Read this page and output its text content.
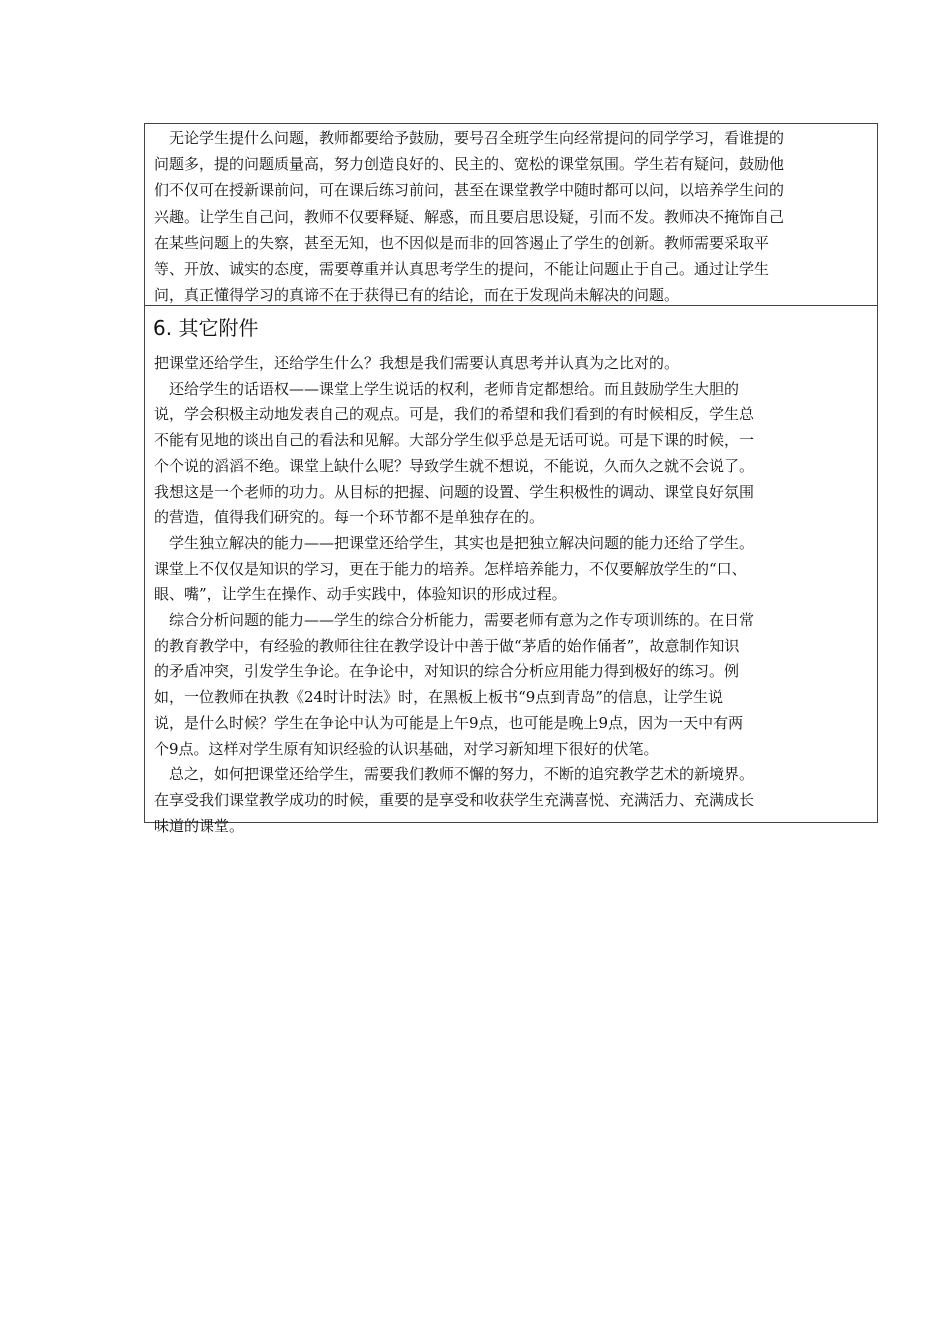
　无论学生提什么问题，教师都要给予鼓励，要号召全班学生向经常提问的同学学习，看谁提的
问题多，提的问题质量高，努力创造良好的、民主的、宽松的课堂氛围。学生若有疑问，鼓励他
们不仅可在授新课前问，可在课后练习前问，甚至在课堂教学中随时都可以问，以培养学生问的
兴趣。让学生自己问，教师不仅要释疑、解惑，而且要启思设疑，引而不发。教师决不掩饰自己
在某些问题上的失察，甚至无知，也不因似是而非的回答遏止了学生的创新。教师需要采取平
等、开放、诚实的态度，需要尊重并认真思考学生的提问，不能让问题止于自己。通过让学生
问，真正懂得学习的真谛不在于获得已有的结论，而在于发现尚未解决的问题。
6. 其它附件
把课堂还给学生，还给学生什么？我想是我们需要认真思考并认真为之比对的。
　还给学生的话语权——课堂上学生说话的权利，老师肯定都想给。而且鼓励学生大胆的
说，学会积极主动地发表自己的观点。可是，我们的希望和我们看到的有时候相反，学生总
不能有见地的谈出自己的看法和见解。大部分学生似乎总是无话可说。可是下课的时候，一
个个说的滔滔不绝。课堂上缺什么呢？导致学生就不想说，不能说，久而久之就不会说了。
我想这是一个老师的功力。从目标的把握、问题的设置、学生积极性的调动、课堂良好氛围
的营造，值得我们研究的。每一个环节都不是单独存在的。
　学生独立解决的能力——把课堂还给学生，其实也是把独立解决问题的能力还给了学生。
课堂上不仅仅是知识的学习，更在于能力的培养。怎样培养能力，不仅要解放学生的“口、
眼、嘴”，让学生在操作、动手实践中，体验知识的形成过程。
　综合分析问题的能力——学生的综合分析能力，需要老师有意为之作专项训练的。在日常
的教育教学中，有经验的教师往往在教学设计中善于做“茅盾的始作俑者”，故意制作知识
的矛盾冲突，引发学生争论。在争论中，对知识的综合分析应用能力得到极好的练习。例
如，一位教师在执教《24时计时法》时，在黑板上板书“9点到青岛”的信息，让学生说
说，是什么时候？学生在争论中认为可能是上午9点，也可能是晚上9点，因为一天中有两
个9点。这样对学生原有知识经验的认识基础，对学习新知埋下很好的伏笔。
　总之，如何把课堂还给学生，需要我们教师不懈的努力，不断的追究教学艺术的新境界。
在享受我们课堂教学成功的时候，重要的是享受和收获学生充满喜悦、充满活力、充满成长
味道的课堂。
